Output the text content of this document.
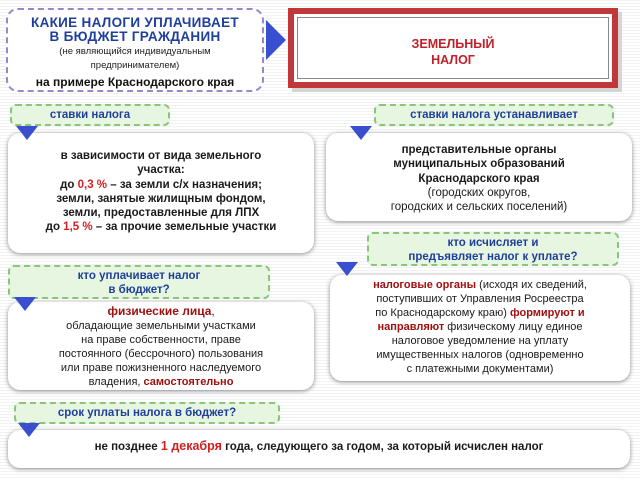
КАКИЕ НАЛОГИ УПЛАЧИВАЕТ
В БЮДЖЕТ ГРАЖДАНИН
(не являющийся индивидуальным
предпринимателем)
на примере Краснодарского края
ЗЕМЕЛЬНЫЙ
НАЛОГ
ставки налога
в зависимости от вида земельного
участка:
до 0,3 % – за земли с/х назначения;
земли, занятые жилищным фондом,
земли, предоставленные для ЛПХ
до 1,5 % – за прочие земельные участки
ставки налога устанавливает
представительные органы
муниципальных образований
Краснодарского края
(городских округов,
городских и сельских поселений)
кто исчисляет и
предъявляет налог к уплате?
налоговые органы (исходя их сведений,
поступивших от Управления Росреестра
по Краснодарскому краю) формируют и
направляют физическому лицу единое
налоговое уведомление на уплату
имущественных налогов (одновременно
с платежными документами)
кто уплачивает налог
в бюджет?
физические лица,
обладающие земельными участками
на праве собственности, праве
постоянного (бессрочного) пользования
или праве пожизненного наследуемого
владения, самостоятельно
срок уплаты налога в бюджет?
не позднее 1 декабря года, следующего за годом, за который исчислен налог
